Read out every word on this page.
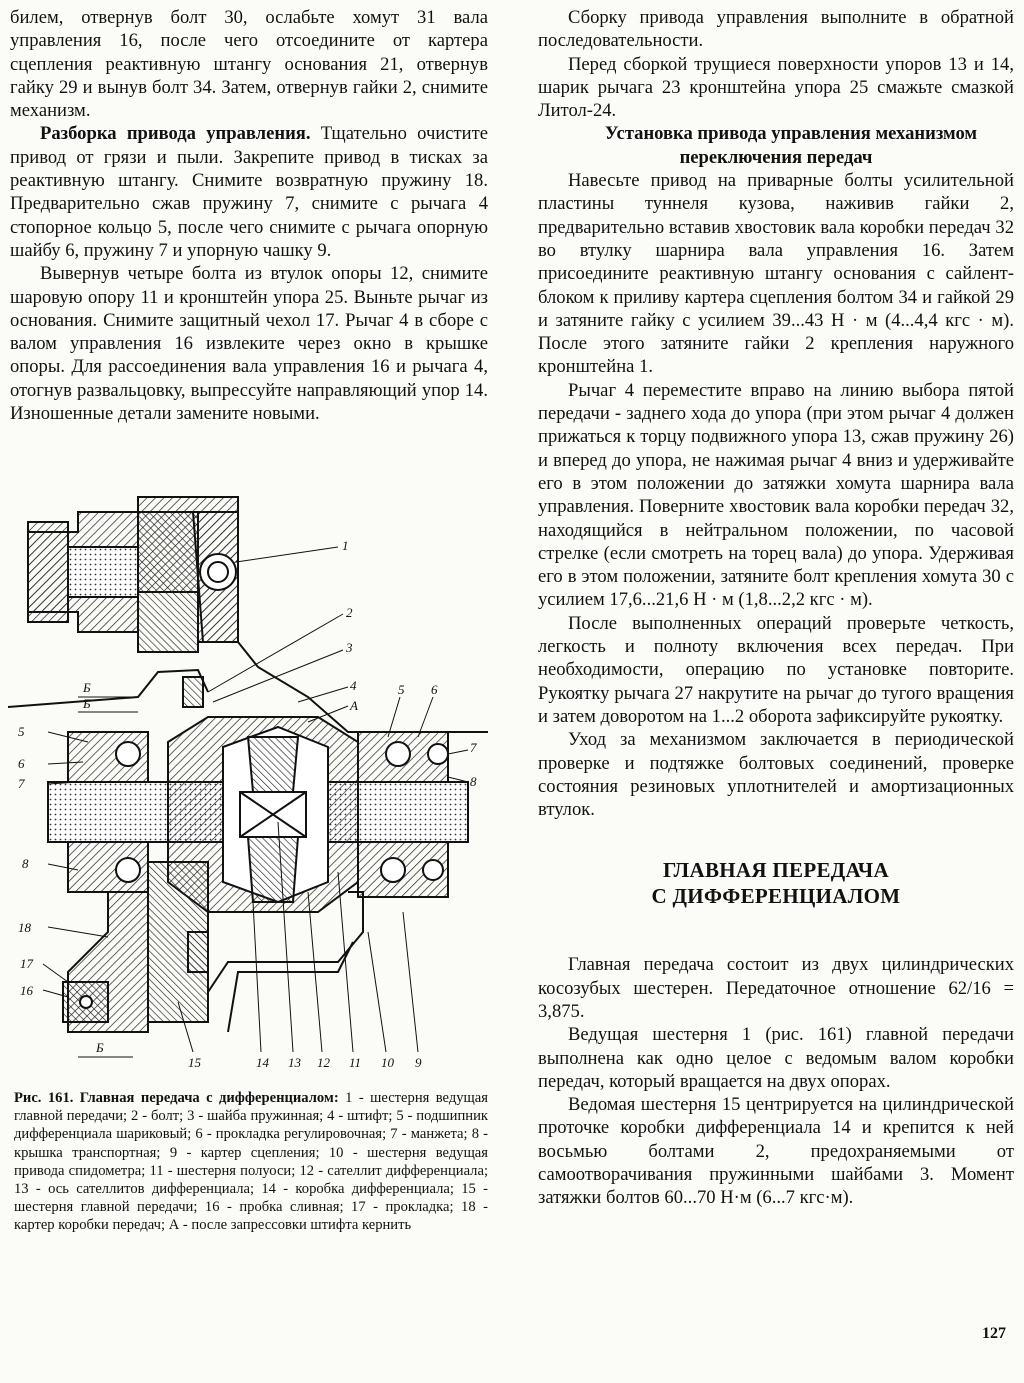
билем, отвернув болт 30, ослабьте хомут 31 вала управления 16, после чего отсоедините от картера сцепления реактивную штангу основания 21, отвернув гайку 29 и вынув болт 34. Затем, отвернув гайки 2, снимите механизм.

Разборка привода управления. Тщательно очистите привод от грязи и пыли. Закрепите привод в тисках за реактивную штангу. Снимите возвратную пружину 18. Предварительно сжав пружину 7, снимите с рычага 4 стопорное кольцо 5, после чего снимите с рычага опорную шайбу 6, пружину 7 и упорную чашку 9.

Вывернув четыре болта из втулок опоры 12, снимите шаровую опору 11 и кронштейн упора 25. Выньте рычаг из основания. Снимите защитный чехол 17. Рычаг 4 в сборе с валом управления 16 извлеките через окно в крышке опоры. Для рассоединения вала управления 16 и рычага 4, отогнув развальцовку, выпрессуйте направляющий упор 14. Изношенные детали замените новыми.

1
2
3
4
А
5 6
7
8
5
6
7
8
18
17
16
15	14 13 12 11 10 9
Б
Б
Б
Рис. 161. Главная передача с дифференциалом: 1 - шестерня ведущая главной передачи; 2 - болт; 3 - шайба пружинная; 4 - штифт; 5 - подшипник дифференциала шариковый; 6 - прокладка регулировочная; 7 - манжета; 8 - крышка транспортная; 9 - картер сцепления; 10 - шестерня ведущая привода спидометра; 11 - шестерня полуоси; 12 - сателлит дифференциала; 13 - ось сателлитов дифференциала; 14 - коробка дифференциала; 15 - шестерня главной передачи; 16 - пробка сливная; 17 - прокладка; 18 - картер коробки передач; А - после запрессовки штифта кернить

Сборку привода управления выполните в обратной последовательности.

Перед сборкой трущиеся поверхности упоров 13 и 14, шарик рычага 23 кронштейна упора 25 смажьте смазкой Литол-24.

Установка привода управления механизмом переключения передач

Навесьте привод на приварные болты усилительной пластины туннеля кузова, наживив гайки 2, предварительно вставив хвостовик вала коробки передач 32 во втулку шарнира вала управления 16. Затем присоедините реактивную штангу основания с сайлент-блоком к приливу картера сцепления болтом 34 и гайкой 29 и затяните гайку с усилием 39...43 Н · м (4...4,4 кгс · м). После этого затяните гайки 2 крепления наружного кронштейна 1.

Рычаг 4 переместите вправо на линию выбора пятой передачи - заднего хода до упора (при этом рычаг 4 должен прижаться к торцу подвижного упора 13, сжав пружину 26) и вперед до упора, не нажимая рычаг 4 вниз и удерживайте его в этом положении до затяжки хомута шарнира вала управления. Поверните хвостовик вала коробки передач 32, находящийся в нейтральном положении, по часовой стрелке (если смотреть на торец вала) до упора. Удерживая его в этом положении, затяните болт крепления хомута 30 с усилием 17,6...21,6 Н · м (1,8...2,2 кгс · м).

После выполненных операций проверьте четкость, легкость и полноту включения всех передач. При необходимости, операцию по установке повторите. Рукоятку рычага 27 накрутите на рычаг до тугого вращения и затем доворотом на 1...2 оборота зафиксируйте рукоятку.

Уход за механизмом заключается в периодической проверке и подтяжке болтовых соединений, проверке состояния резиновых уплотнителей и амортизационных втулок.

ГЛАВНАЯ ПЕРЕДАЧА
С ДИФФЕРЕНЦИАЛОМ

Главная передача состоит из двух цилиндрических косозубых шестерен. Передаточное отношение 62/16 = 3,875.

Ведущая шестерня 1 (рис. 161) главной передачи выполнена как одно целое с ведомым валом коробки передач, который вращается на двух опорах.

Ведомая шестерня 15 центрируется на цилиндрической проточке коробки дифференциала 14 и крепится к ней восьмью болтами 2, предохраняемыми от самоотворачивания пружинными шайбами 3. Момент затяжки болтов 60...70 Н·м (6...7 кгс·м).

127
